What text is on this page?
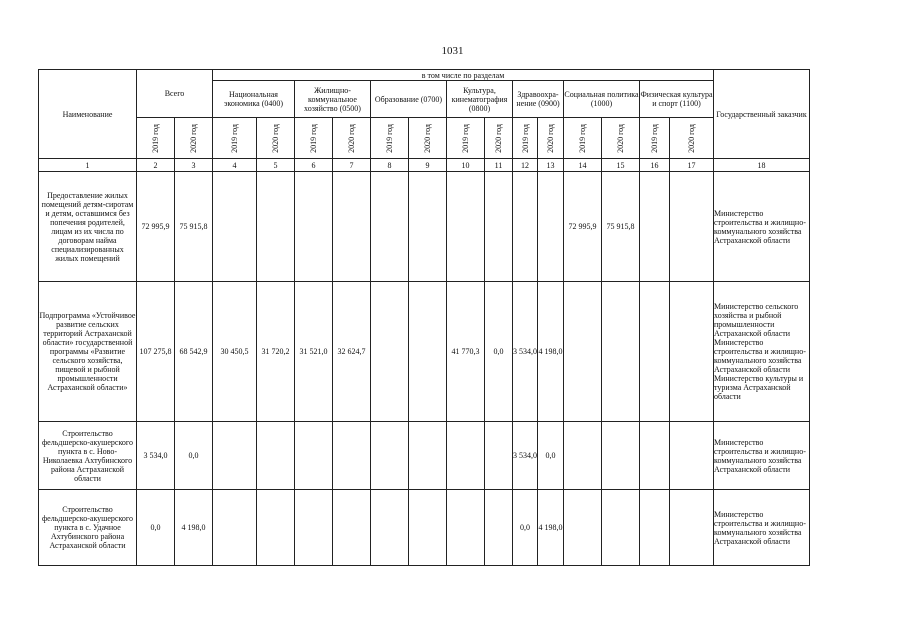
1031
Наименование	Всего		в том числе по разделам														Государственный заказчик
			Национальная экономика (0400)		Жилищно-коммунальное хозяйство (0500)		Образование (0700)		Культура, кинематография (0800)		Здравоохра-нение (0900)		Социальная политика (1000)		Физическая культура и спорт (1100)		

	2019 год	2020 год	2019 год	2020 год	2019 год	2020 год	2019 год	2020 год	2019 год	2020 год	2019 год	2020 год	2019 год	2020 год	2019 год	2020 год	

1	2	3	4	5	6	7	8	9	10	11	12	13	14	15	16	17	18
Предоставление жилых помещений детям-сиротам и детям, оставшимся без попечения родителей, лицам из их числа по договорам найма специализированных жилых помещений	72 995,9	75 915,8											72 995,9	75 915,8			Министерство строительства и жилищно-коммунального хозяйства Астраханской области
Подпрограмма «Устойчивое развитие сельских территорий Астраханской области» государственной программы «Развитие сельского хозяйства, пищевой и рыбной промышленности Астраханской области»	107 275,8	68 542,9	30 450,5	31 720,2	31 521,0	32 624,7			41 770,3	0,0	3 534,0	4 198,0					Министерство сельского хозяйства и рыбной промышленности Астраханской области Министерство строительства и жилищно-коммунального хозяйства Астраханской области Министерство культуры и туризма Астраханской области
Строительство фельдшерско-акушерского пункта в с. Ново-Николаевка Ахтубинского района Астраханской области	3 534,0	0,0									3 534,0	0,0					Министерство строительства и жилищно-коммунального хозяйства Астраханской области
Строительство фельдшерско-акушерского пункта в с. Удачное Ахтубинского района Астраханской области	0,0	4 198,0									0,0	4 198,0					Министерство строительства и жилищно-коммунального хозяйства Астраханской области
